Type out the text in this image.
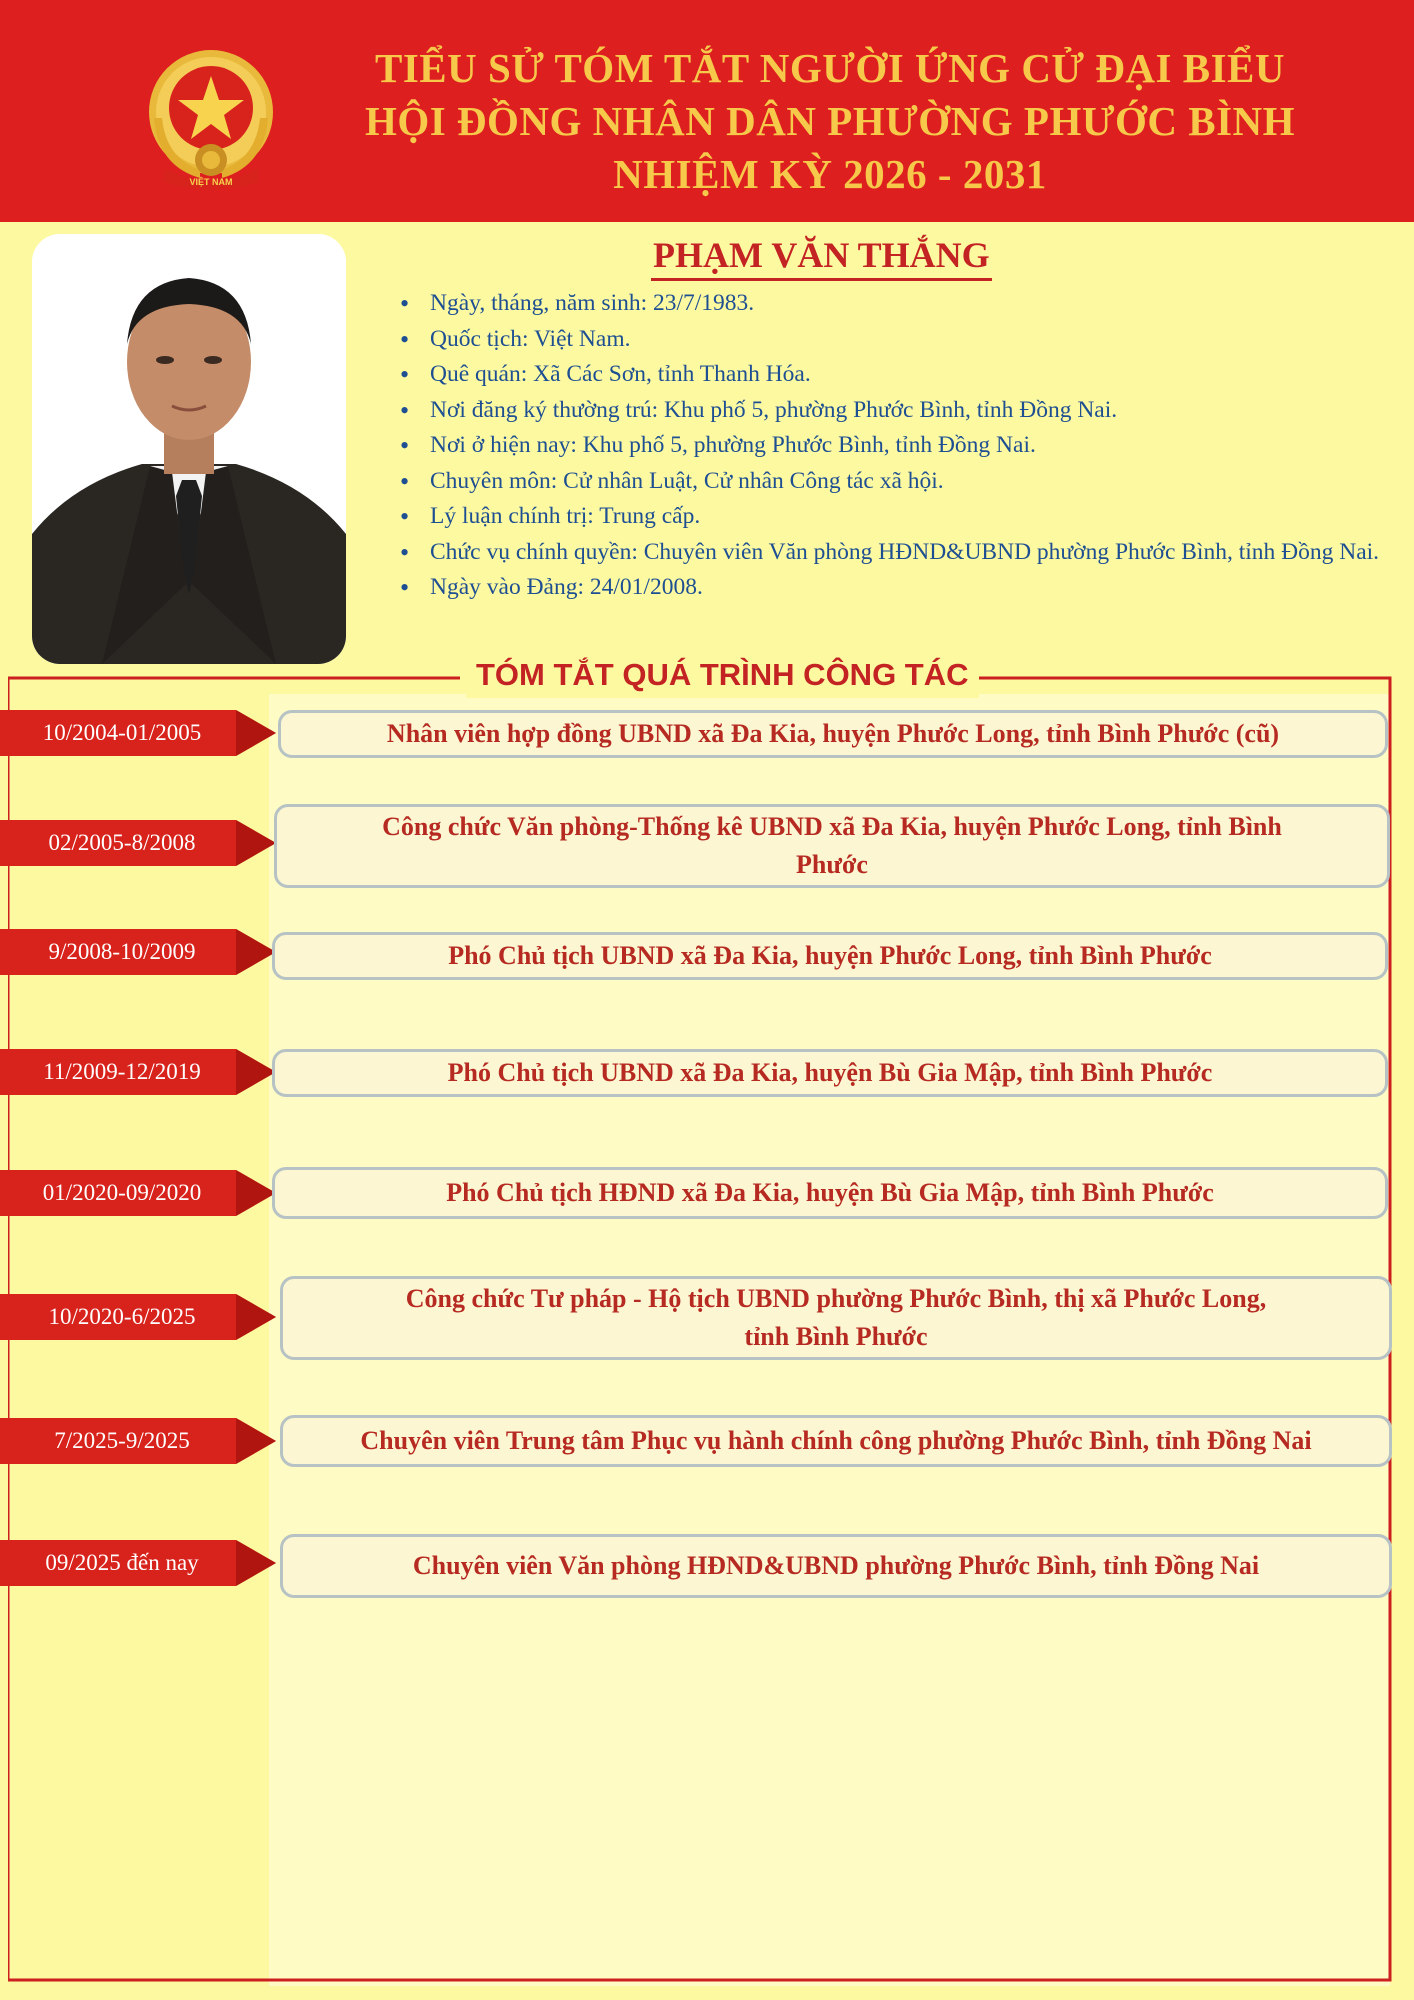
VIỆT NAM
TIỂU SỬ TÓM TẮT NGƯỜI ỨNG CỬ ĐẠI BIỂU
HỘI ĐỒNG NHÂN DÂN PHƯỜNG PHƯỚC BÌNH
NHIỆM KỲ 2026 - 2031
PHẠM VĂN THẮNG
• Ngày, tháng, năm sinh: 23/7/1983.
• Quốc tịch: Việt Nam.
• Quê quán: Xã Các Sơn, tỉnh Thanh Hóa.
• Nơi đăng ký thường trú: Khu phố 5, phường Phước Bình, tỉnh Đồng Nai.
• Nơi ở hiện nay: Khu phố 5, phường Phước Bình, tỉnh Đồng Nai.
• Chuyên môn: Cử nhân Luật, Cử nhân Công tác xã hội.
• Lý luận chính trị: Trung cấp.
• Chức vụ chính quyền: Chuyên viên Văn phòng HĐND&UBND phường Phước Bình, tỉnh Đồng Nai.
• Ngày vào Đảng: 24/01/2008.
TÓM TẮT QUÁ TRÌNH CÔNG TÁC
10/2004-01/2005	Nhân viên hợp đồng UBND xã Đa Kia, huyện Phước Long, tỉnh Bình Phước (cũ)
02/2005-8/2008
Công chức Văn phòng-Thống kê UBND xã Đa Kia, huyện Phước Long, tỉnh Bình
Phước
9/2008-10/2009	Phó Chủ tịch UBND xã Đa Kia, huyện Phước Long, tỉnh Bình Phước
11/2009-12/2019	Phó Chủ tịch UBND xã Đa Kia, huyện Bù Gia Mập, tỉnh Bình Phước
01/2020-09/2020	Phó Chủ tịch HĐND xã Đa Kia, huyện Bù Gia Mập, tỉnh Bình Phước
10/2020-6/2025
Công chức Tư pháp - Hộ tịch UBND phường Phước Bình, thị xã Phước Long,
tỉnh Bình Phước
7/2025-9/2025	Chuyên viên Trung tâm Phục vụ hành chính công phường Phước Bình, tỉnh Đồng Nai
09/2025 đến nay	Chuyên viên Văn phòng HĐND&UBND phường Phước Bình, tỉnh Đồng Nai
